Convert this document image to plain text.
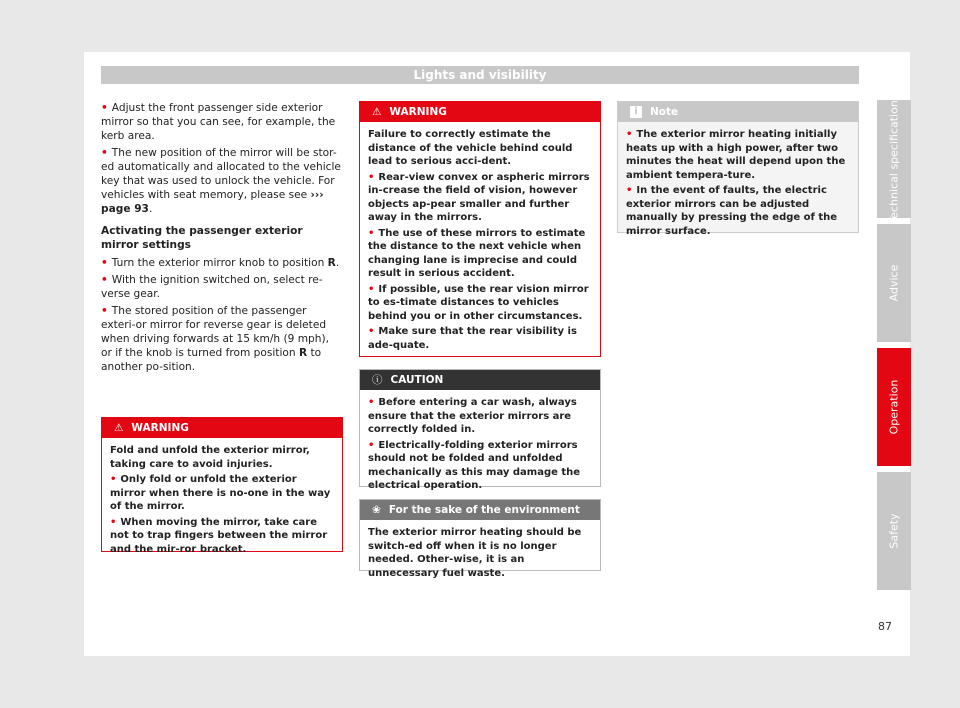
Lights and visibility

• Adjust the front passenger side exterior mirror so that you can see, for example, the kerb area.

• The new position of the mirror will be stor-ed automatically and allocated to the vehicle key that was used to unlock the vehicle. For vehicles with seat memory, please see ››› page 93.

Activating the passenger exterior mirror settings

• Turn the exterior mirror knob to position R.

• With the ignition switched on, select re-verse gear.

• The stored position of the passenger exteri-or mirror for reverse gear is deleted when driving forwards at 15 km/h (9 mph), or if the knob is turned from position R to another po-sition.

⚠ WARNING

Fold and unfold the exterior mirror, taking care to avoid injuries.

• Only fold or unfold the exterior mirror when there is no-one in the way of the mirror.

• When moving the mirror, take care not to trap fingers between the mirror and the mir-ror bracket.

⚠ WARNING

Failure to correctly estimate the distance of the vehicle behind could lead to serious acci-dent.

• Rear-view convex or aspheric mirrors in-crease the field of vision, however objects ap-pear smaller and further away in the mirrors.

• The use of these mirrors to estimate the distance to the next vehicle when changing lane is imprecise and could result in serious accident.

• If possible, use the rear vision mirror to es-timate distances to vehicles behind you or in other circumstances.

• Make sure that the rear visibility is ade-quate.

ⓘ CAUTION

• Before entering a car wash, always ensure that the exterior mirrors are correctly folded in.

• Electrically-folding exterior mirrors should not be folded and unfolded mechanically as this may damage the electrical operation.

❀ For the sake of the environment

The exterior mirror heating should be switch-ed off when it is no longer needed. Other-wise, it is an unnecessary fuel waste.

i Note

• The exterior mirror heating initially heats up with a high power, after two minutes the heat will depend upon the ambient tempera-ture.

• In the event of faults, the electric exterior mirrors can be adjusted manually by pressing the edge of the mirror surface.

Technical specifications
Advice
Operation
Safety
87
